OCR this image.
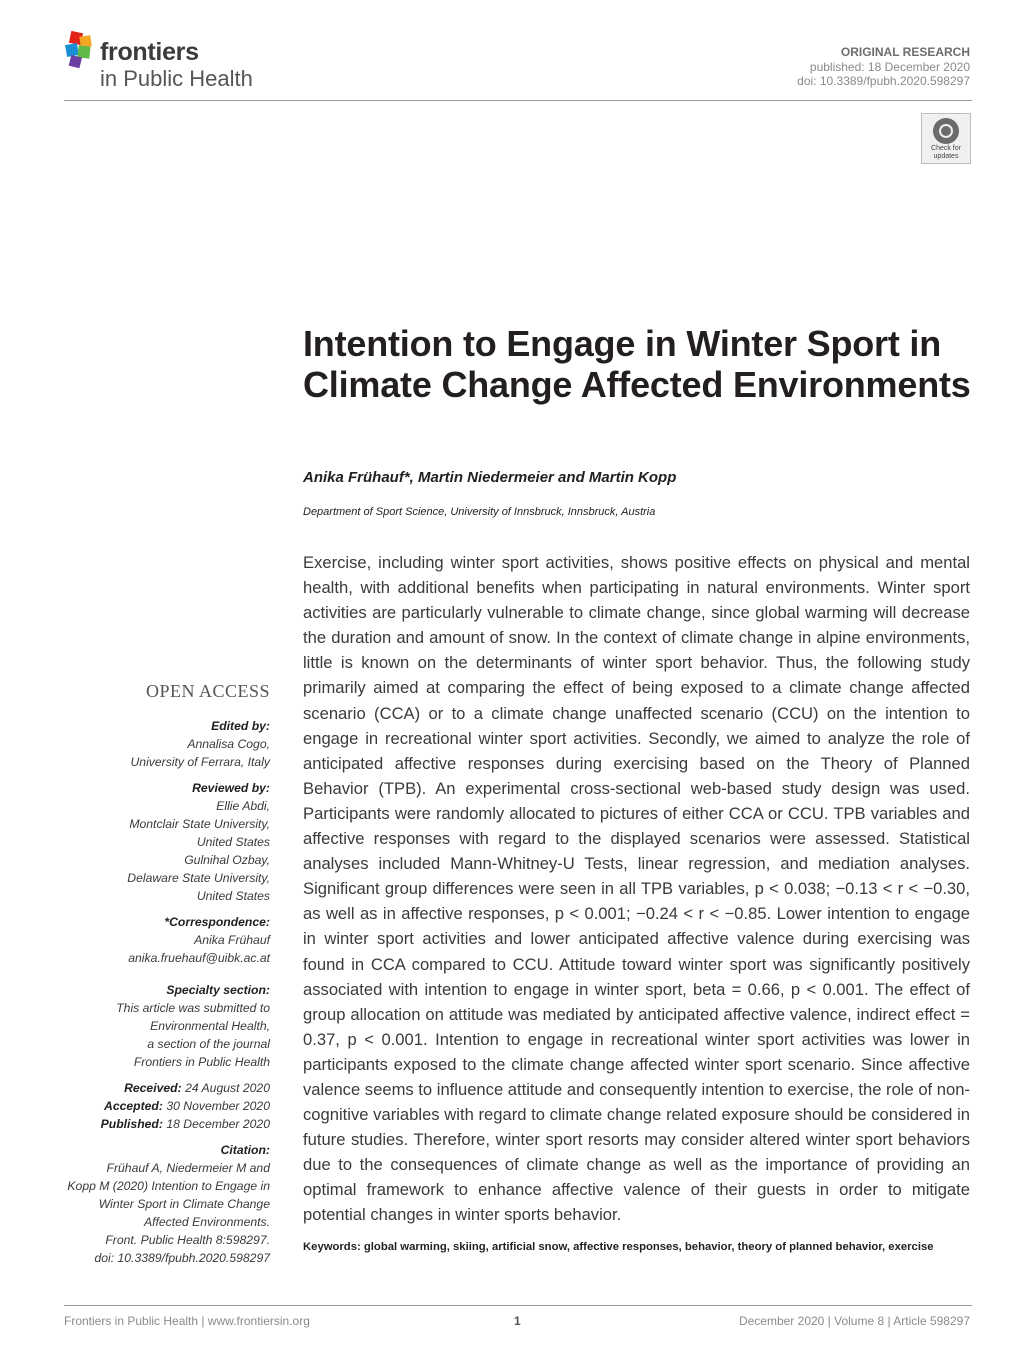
frontiers
in Public Health
ORIGINAL RESEARCH
published: 18 December 2020
doi: 10.3389/fpubh.2020.598297
Check for
updates
Intention to Engage in Winter Sport in Climate Change Affected Environments
Anika Frühauf*, Martin Niedermeier and Martin Kopp
Department of Sport Science, University of Innsbruck, Innsbruck, Austria
Exercise, including winter sport activities, shows positive effects on physical and mental health, with additional benefits when participating in natural environments. Winter sport activities are particularly vulnerable to climate change, since global warming will decrease the duration and amount of snow. In the context of climate change in alpine environments, little is known on the determinants of winter sport behavior. Thus, the following study primarily aimed at comparing the effect of being exposed to a climate change affected scenario (CCA) or to a climate change unaffected scenario (CCU) on the intention to engage in recreational winter sport activities. Secondly, we aimed to analyze the role of anticipated affective responses during exercising based on the Theory of Planned Behavior (TPB). An experimental cross-sectional web-based study design was used. Participants were randomly allocated to pictures of either CCA or CCU. TPB variables and affective responses with regard to the displayed scenarios were assessed. Statistical analyses included Mann-Whitney-U Tests, linear regression, and mediation analyses. Significant group differences were seen in all TPB variables, p < 0.038; −0.13 < r < −0.30, as well as in affective responses, p < 0.001; −0.24 < r < −0.85. Lower intention to engage in winter sport activities and lower anticipated affective valence during exercising was found in CCA compared to CCU. Attitude toward winter sport was significantly positively associated with intention to engage in winter sport, beta = 0.66, p < 0.001. The effect of group allocation on attitude was mediated by anticipated affective valence, indirect effect = 0.37, p < 0.001. Intention to engage in recreational winter sport activities was lower in participants exposed to the climate change affected winter sport scenario. Since affective valence seems to influence attitude and consequently intention to exercise, the role of non-cognitive variables with regard to climate change related exposure should be considered in future studies. Therefore, winter sport resorts may consider altered winter sport behaviors due to the consequences of climate change as well as the importance of providing an optimal framework to enhance affective valence of their guests in order to mitigate potential changes in winter sports behavior.
Keywords: global warming, skiing, artificial snow, affective responses, behavior, theory of planned behavior, exercise
OPEN ACCESS
Edited by:
Annalisa Cogo,
University of Ferrara, Italy
Reviewed by:
Ellie Abdi,
Montclair State University,
United States
Gulnihal Ozbay,
Delaware State University,
United States
*Correspondence:
Anika Frühauf
anika.fruehauf@uibk.ac.at
Specialty section:
This article was submitted to
Environmental Health,
a section of the journal
Frontiers in Public Health
Received: 24 August 2020
Accepted: 30 November 2020
Published: 18 December 2020
Citation:
Frühauf A, Niedermeier M and
Kopp M (2020) Intention to Engage in
Winter Sport in Climate Change
Affected Environments.
Front. Public Health 8:598297.
doi: 10.3389/fpubh.2020.598297
Frontiers in Public Health | www.frontiersin.org	1	December 2020 | Volume 8 | Article 598297
